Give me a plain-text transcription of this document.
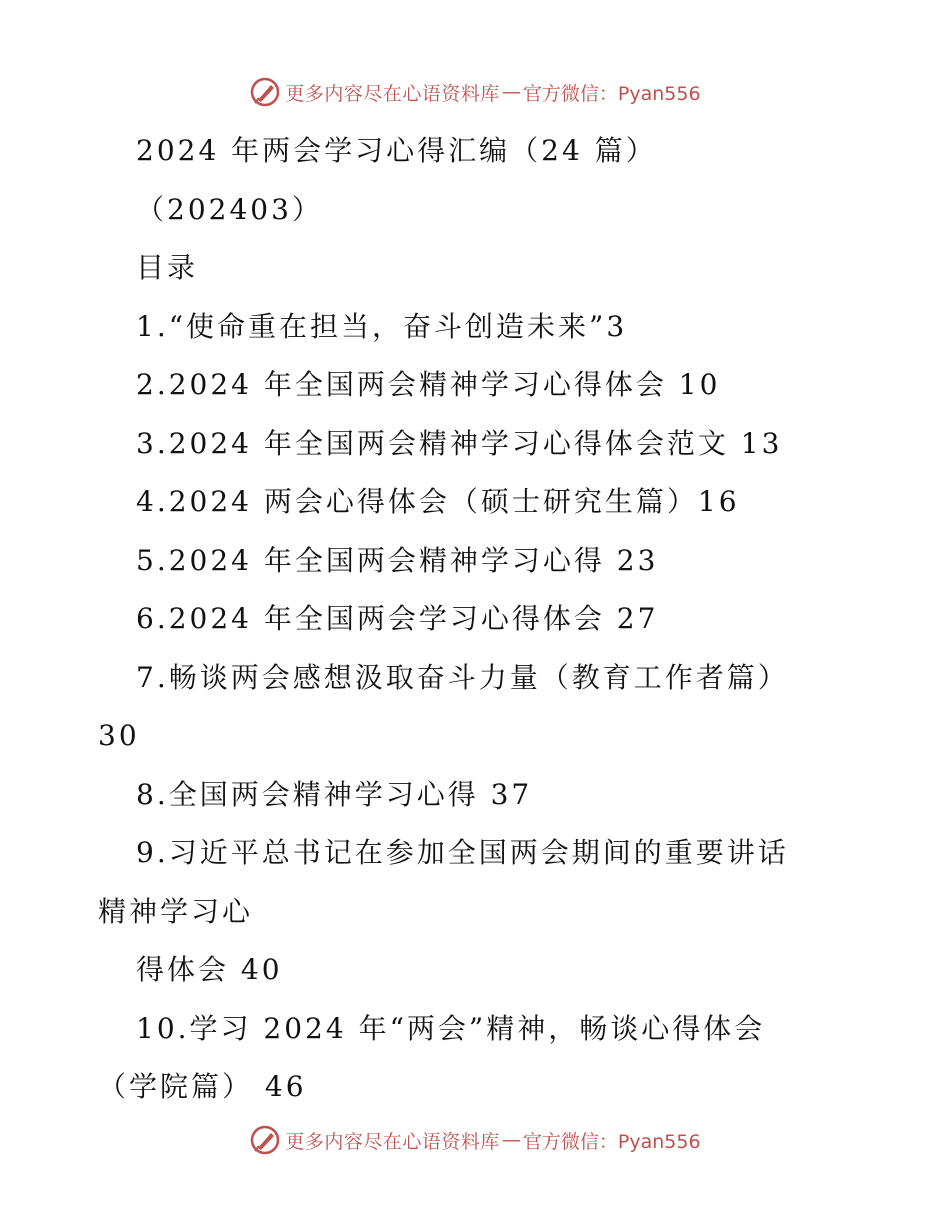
更多内容尽在心语资料库 — 官方微信：Pyan556
2024 年两会学习心得汇编（24 篇）
（202403）
目录
1.“使命重在担当，奋斗创造未来”3
2.2024 年全国两会精神学习心得体会 10
3.2024 年全国两会精神学习心得体会范文 13
4.2024 两会心得体会（硕士研究生篇）16
5.2024 年全国两会精神学习心得 23
6.2024 年全国两会学习心得体会 27
7.畅谈两会感想汲取奋斗力量（教育工作者篇）
30
8.全国两会精神学习心得 37
9.习近平总书记在参加全国两会期间的重要讲话
精神学习心
得体会 40
10.学习 2024 年“两会”精神，畅谈心得体会
（学院篇） 46
更多内容尽在心语资料库 — 官方微信：Pyan556
